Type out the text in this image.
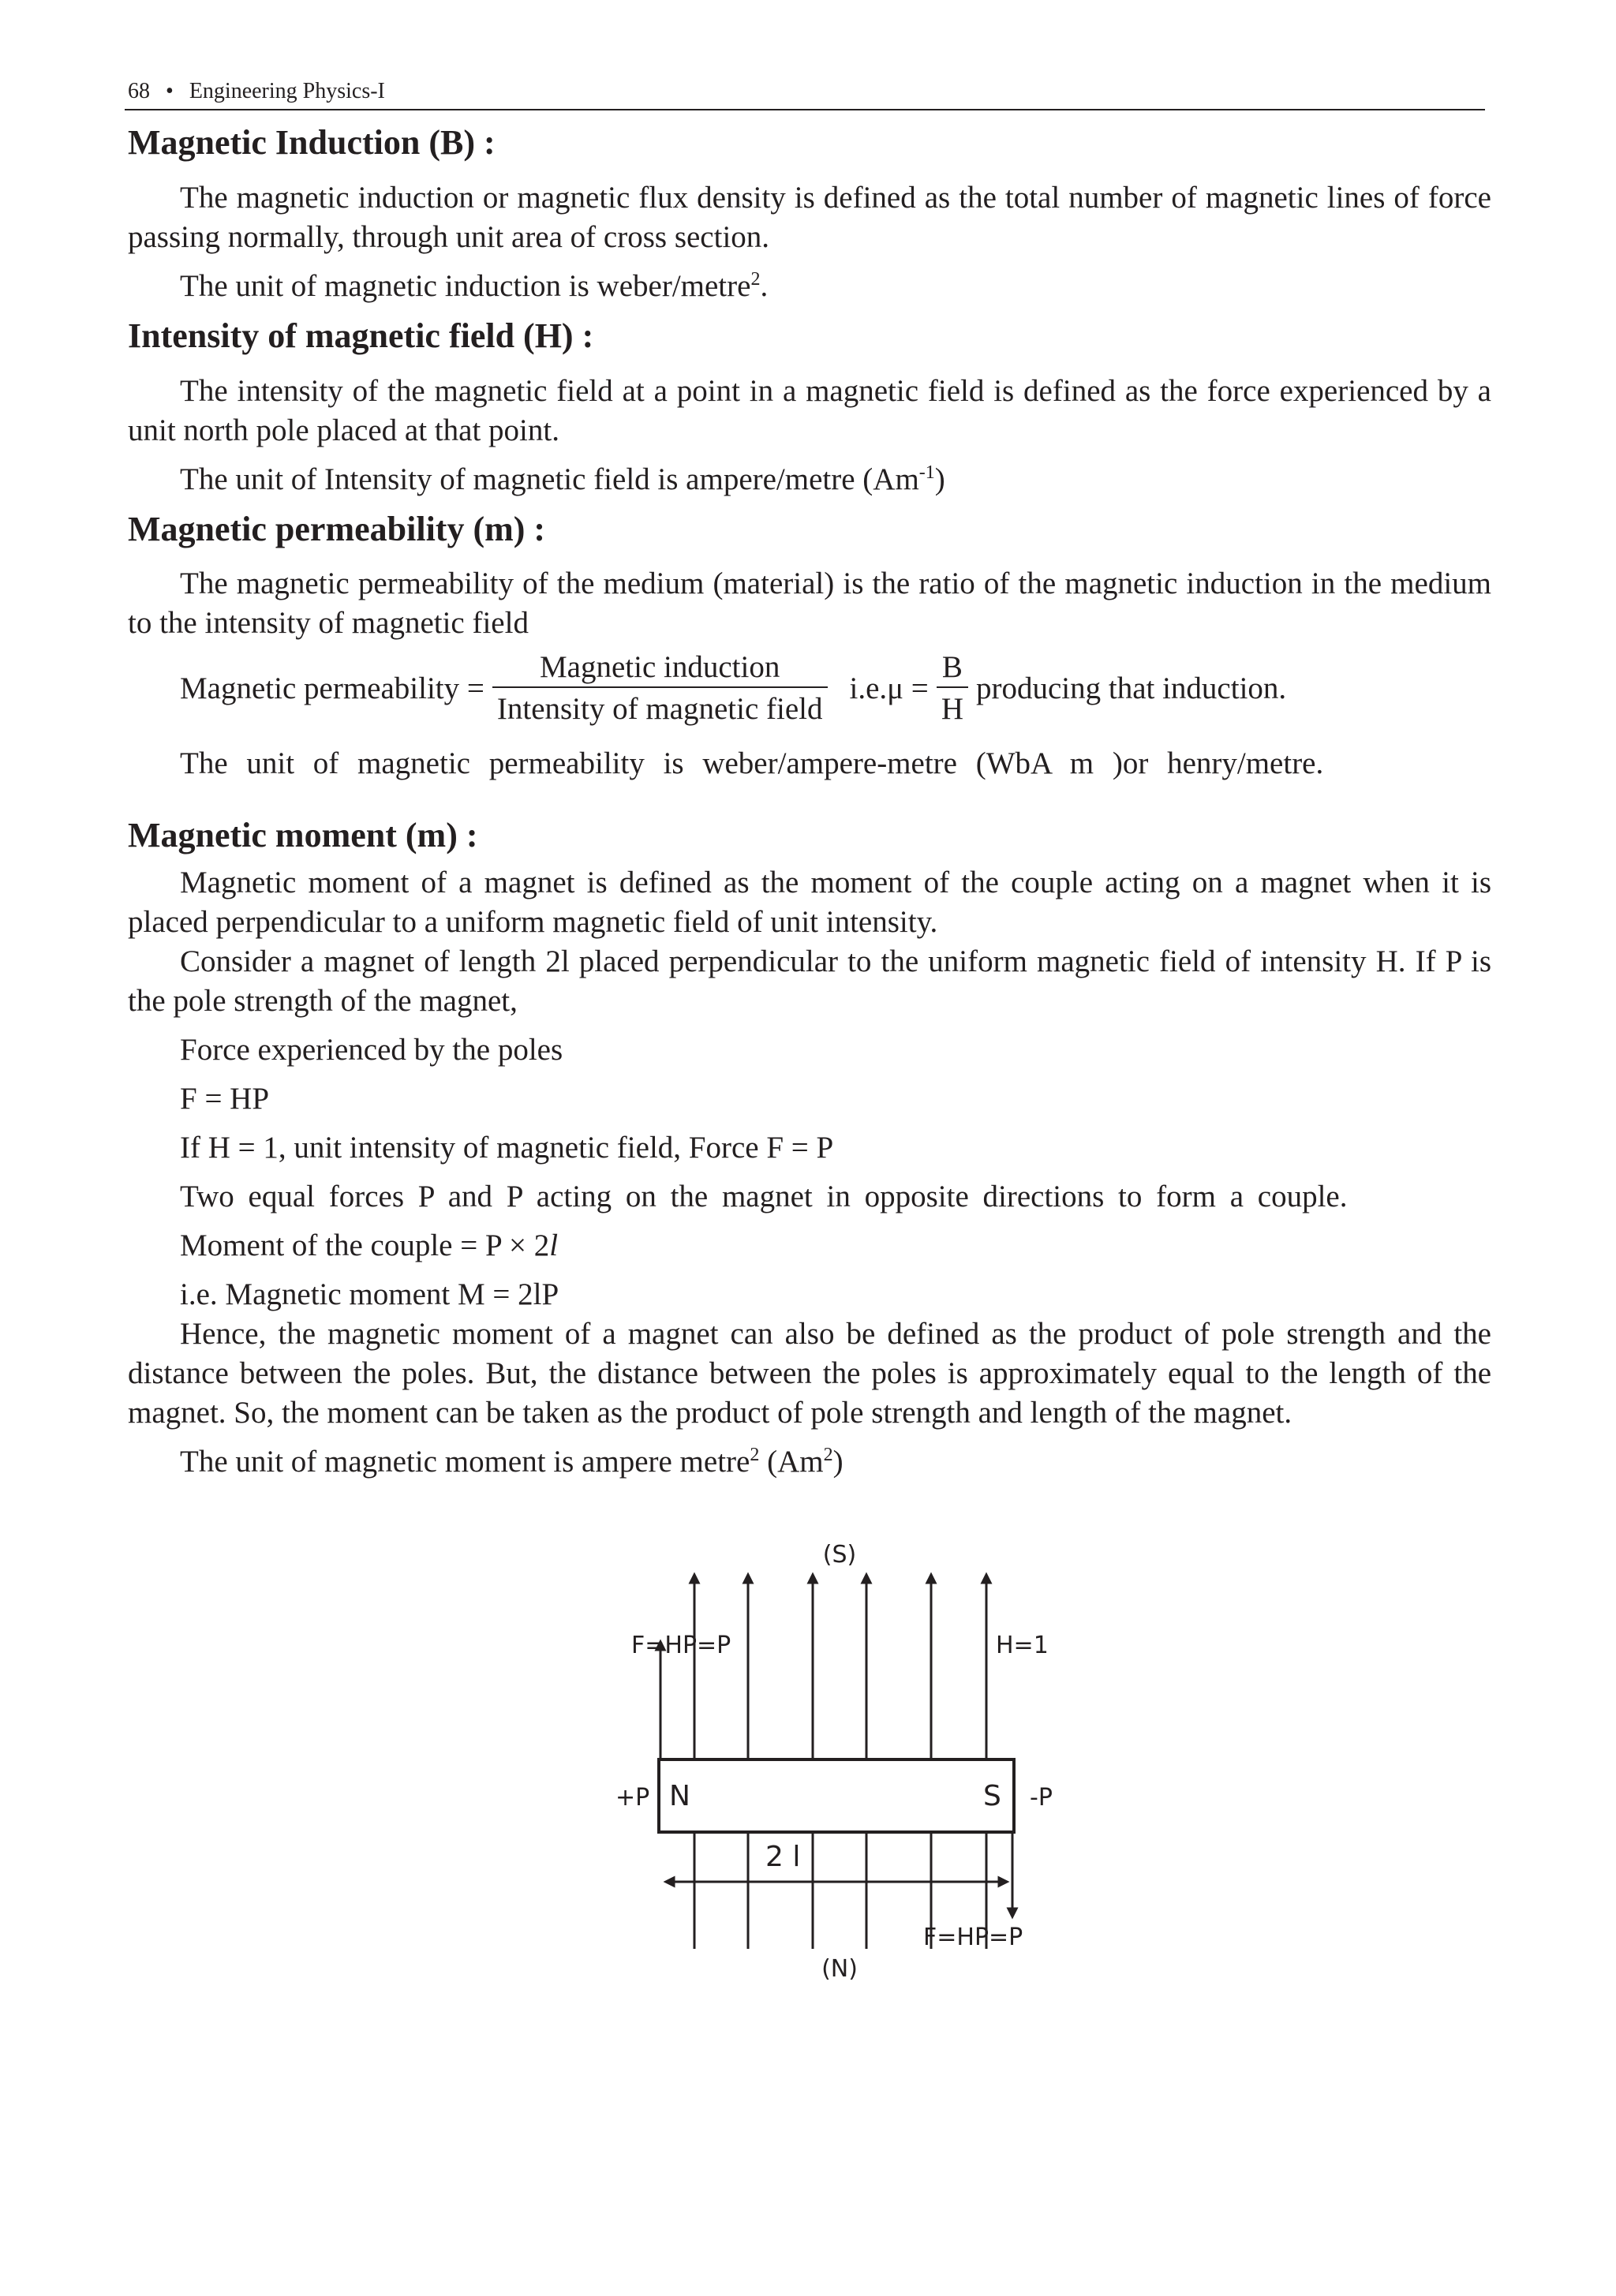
68 • Engineering Physics-I
Magnetic Induction (B) :

The magnetic induction or magnetic flux density is defined as the total number of magnetic lines of force passing normally, through unit area of cross section.

The unit of magnetic induction is weber/metre$^2$.

Intensity of magnetic field (H) :

The intensity of the magnetic field at a point in a magnetic field is defined as the force experienced by a unit north pole placed at that point.

The unit of Intensity of magnetic field is ampere/metre $(Am^{-1})$

Magnetic permeability (m) :

The magnetic permeability of the medium (material) is the ratio of the magnetic induction in the medium to the intensity of magnetic field

Magnetic permeability = $\frac{\text{Magnetic induction}}{\text{Intensity of magnetic field}} i.e.\mu = \frac{B}{H}$ producing that induction.
The unit of magnetic permeability is weber/ampere-metre (WbA m )or henry/metre.
Magnetic moment (m) :

Magnetic moment of a magnet is defined as the moment of the couple acting on a magnet when it is placed perpendicular to a uniform magnetic field of unit intensity.

Consider a magnet of length 2l placed perpendicular to the uniform magnetic field of intensity H. If P is the pole strength of the magnet,

Force experienced by the poles

F = HP

If H = 1, unit intensity of magnetic field, Force F = P

Two equal forces P and P acting on the magnet in opposite directions to form a couple.

Moment of the couple = P × 2l

i.e. Magnetic moment M = 2lP

Hence, the magnetic moment of a magnet can also be defined as the product of pole strength and the distance between the poles. But, the distance between the poles is approximately equal to the length of the magnet. So, the moment can be taken as the product of pole strength and length of the magnet.

The unit of magnetic moment is ampere metre$^2$ (Am$^2$)

(S)
(N)
F=HP=P	H=1
+P	-P
N	S
2 l
F=HP=P
